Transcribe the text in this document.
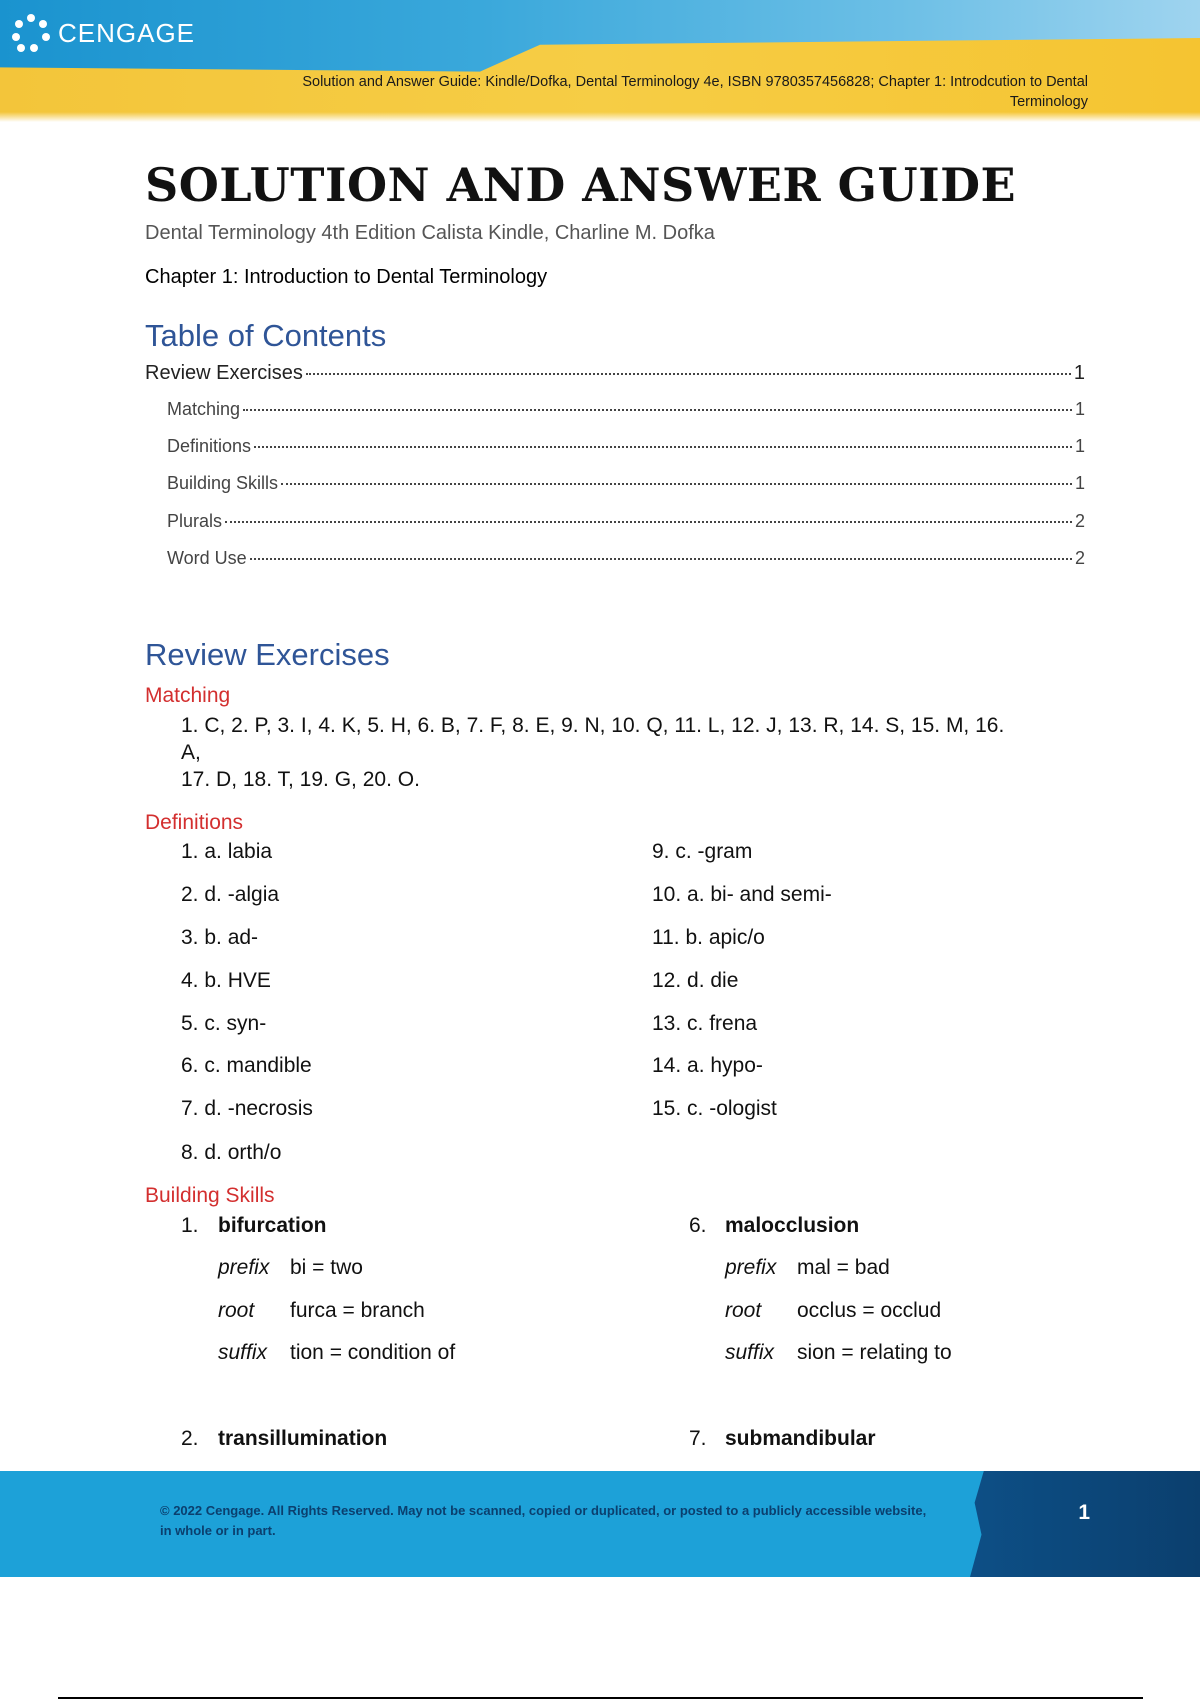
CENGAGE
Solution and Answer Guide: Kindle/Dofka, Dental Terminology 4e, ISBN 9780357456828; Chapter 1: Introdcution to Dental
Terminology
SOLUTION AND ANSWER GUIDE
Dental Terminology 4th Edition Calista Kindle, Charline M. Dofka
Chapter 1: Introduction to Dental Terminology
Table of Contents
Review Exercises	1
Matching	1
Definitions	1
Building Skills	1
Plurals	2
Word Use	2
Review Exercises
Matching
1. C, 2. P, 3. I, 4. K, 5. H, 6. B, 7. F, 8. E, 9. N, 10. Q, 11. L, 12. J, 13. R, 14. S, 15. M, 16.
A,
17. D, 18. T, 19. G, 20. O.
Definitions
1. a. labia
2. d. -algia
3. b. ad-
4. b. HVE
5. c. syn-
6. c. mandible
7. d. -necrosis
8. d. orth/o
9. c. -gram
10. a. bi- and semi-
11. b. apic/o
12. d. die
13. c. frena
14. a. hypo-
15. c. -ologist
Building Skills
1. bifurcation
prefix bi = two
root furca = branch
suffix tion = condition of
6. malocclusion
prefix mal = bad
root occlus = occlud
suffix sion = relating to
2. transillumination	7. submandibular
© 2022 Cengage. All Rights Reserved. May not be scanned, copied or duplicated, or posted to a publicly accessible website, in whole or in part.
1
